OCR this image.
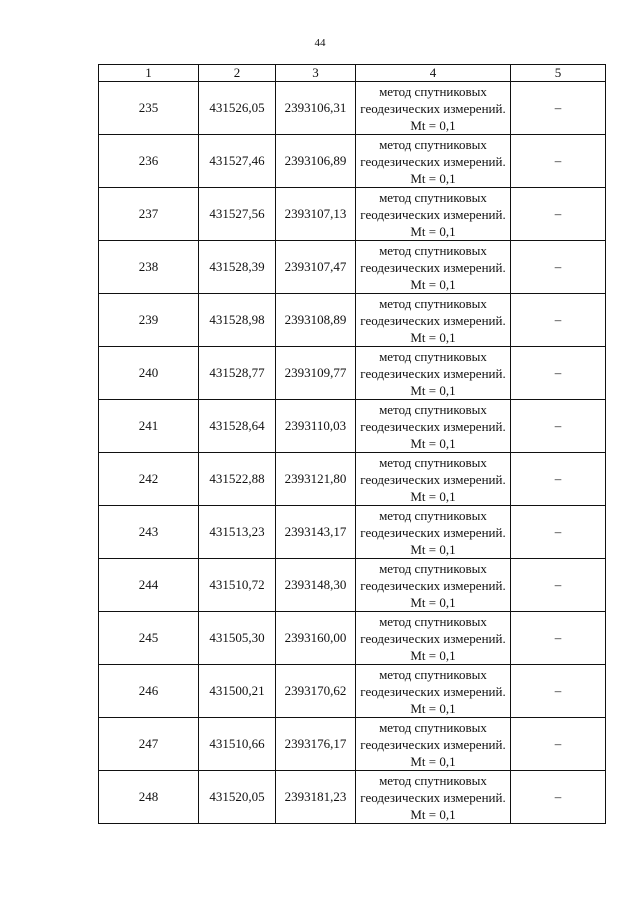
44
1	2	3	4	5
235	431526,05	2393106,31	метод спутниковых геодезических измерений. Mt = 0,1	–
236	431527,46	2393106,89	метод спутниковых геодезических измерений. Mt = 0,1	–
237	431527,56	2393107,13	метод спутниковых геодезических измерений. Mt = 0,1	–
238	431528,39	2393107,47	метод спутниковых геодезических измерений. Mt = 0,1	–
239	431528,98	2393108,89	метод спутниковых геодезических измерений. Mt = 0,1	–
240	431528,77	2393109,77	метод спутниковых геодезических измерений. Mt = 0,1	–
241	431528,64	2393110,03	метод спутниковых геодезических измерений. Mt = 0,1	–
242	431522,88	2393121,80	метод спутниковых геодезических измерений. Mt = 0,1	–
243	431513,23	2393143,17	метод спутниковых геодезических измерений. Mt = 0,1	–
244	431510,72	2393148,30	метод спутниковых геодезических измерений. Mt = 0,1	–
245	431505,30	2393160,00	метод спутниковых геодезических измерений. Mt = 0,1	–
246	431500,21	2393170,62	метод спутниковых геодезических измерений. Mt = 0,1	–
247	431510,66	2393176,17	метод спутниковых геодезических измерений. Mt = 0,1	–
248	431520,05	2393181,23	метод спутниковых геодезических измерений. Mt = 0,1	–
